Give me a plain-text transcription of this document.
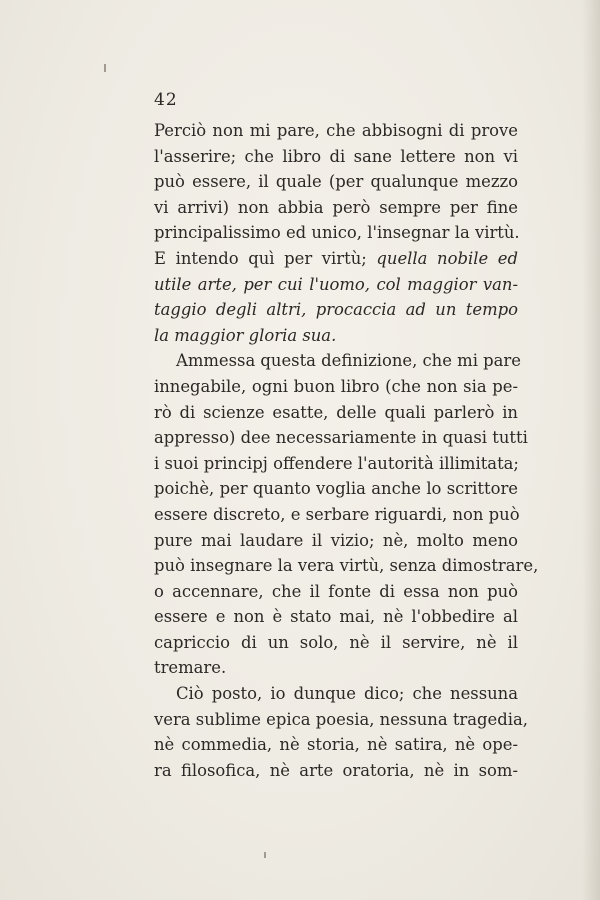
42
Perciò non mi pare, che abbisogni di prove
l'asserire; che libro di sane lettere non vi
può essere, il quale (per qualunque mezzo
vi arrivi) non abbia però sempre per fine
principalissimo ed unico, l'insegnar la virtù.
E intendo quì per virtù; quella nobile ed
utile arte, per cui l'uomo, col maggior van-
taggio degli altri, procaccia ad un tempo
la maggior gloria sua.
Ammessa questa definizione, che mi pare
innegabile, ogni buon libro (che non sia pe-
rò di scienze esatte, delle quali parlerò in
appresso) dee necessariamente in quasi tutti
i suoi principj offendere l'autorità illimitata;
poichè, per quanto voglia anche lo scrittore
essere discreto, e serbare riguardi, non può
pure mai laudare il vizio; nè, molto meno
può insegnare la vera virtù, senza dimostrare,
o accennare, che il fonte di essa non può
essere e non è stato mai, nè l'obbedire al
capriccio di un solo, nè il servire, nè il
tremare.
Ciò posto, io dunque dico; che nessuna
vera sublime epica poesia, nessuna tragedia,
nè commedia, nè storia, nè satira, nè ope-
ra filosofica, nè arte oratoria, nè in som-
